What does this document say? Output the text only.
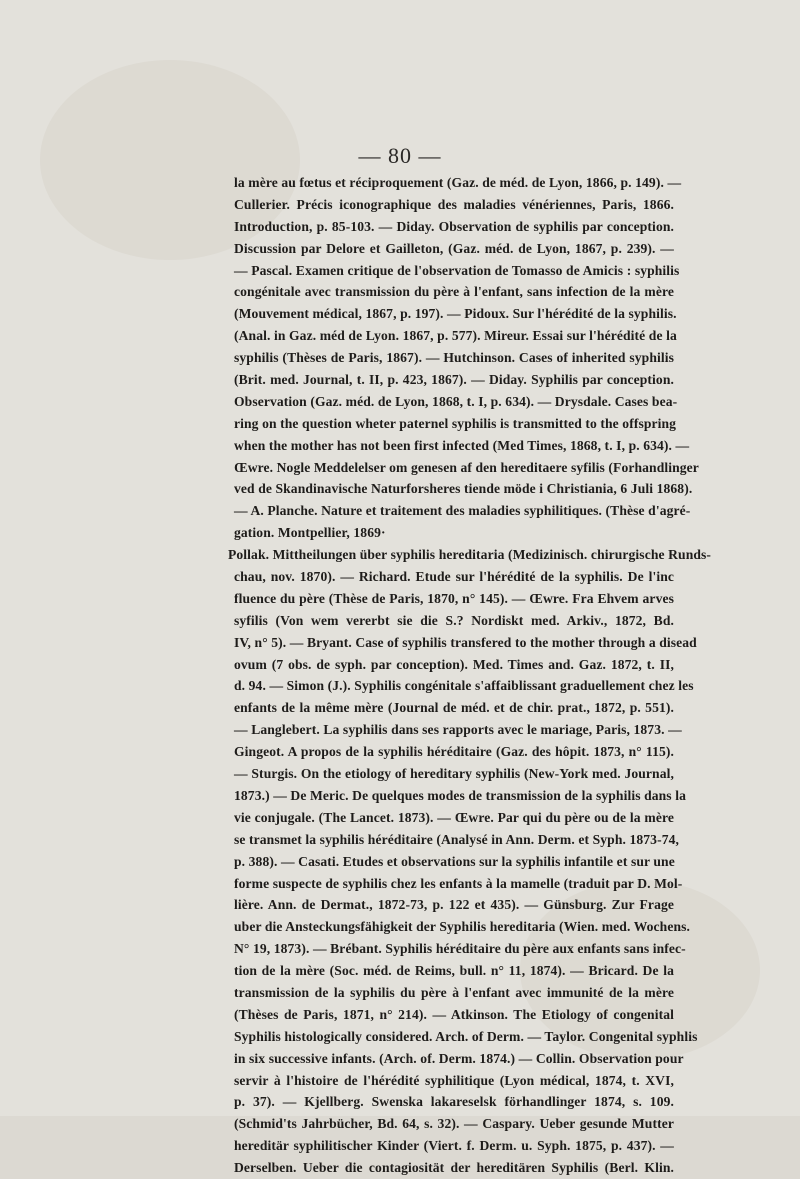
— 80 —
la mère au fœtus et réciproquement (Gaz. de méd. de Lyon, 1866, p. 149). —
Cullerier. Précis iconographique des maladies vénériennes, Paris, 1866.
Introduction, p. 85-103. — Diday. Observation de syphilis par conception.
Discussion par Delore et Gailleton, (Gaz. méd. de Lyon, 1867, p. 239). —
— Pascal. Examen critique de l'observation de Tomasso de Amicis : syphilis
congénitale avec transmission du père à l'enfant, sans infection de la mère
(Mouvement médical, 1867, p. 197). — Pidoux. Sur l'hérédité de la syphilis.
(Anal. in Gaz. méd de Lyon. 1867, p. 577). Mireur. Essai sur l'hérédité de la
syphilis (Thèses de Paris, 1867). — Hutchinson. Cases of inherited syphilis
(Brit. med. Journal, t. II, p. 423, 1867). — Diday. Syphilis par conception.
Observation (Gaz. méd. de Lyon, 1868, t. I, p. 634). — Drysdale. Cases bea-
ring on the question wheter paternel syphilis is transmitted to the offspring
when the mother has not been first infected (Med Times, 1868, t. I, p. 634). —
Œwre. Nogle Meddelelser om genesen af den hereditaere syfilis (Forhandlinger
ved de Skandinavische Naturforsheres tiende möde i Christiania, 6 Juli 1868).
— A. Planche. Nature et traitement des maladies syphilitiques. (Thèse d'agré-
gation. Montpellier, 1869·
Pollak. Mittheilungen über syphilis hereditaria (Medizinisch. chirurgische Runds-
chau, nov. 1870). — Richard. Etude sur l'hérédité de la syphilis. De l'inc
fluence du père (Thèse de Paris, 1870, n° 145). — Œwre. Fra Ehvem arves
syfilis (Von wem vererbt sie die S.? Nordiskt med. Arkiv., 1872, Bd.
IV, n° 5). — Bryant. Case of syphilis transfered to the mother through a disead
ovum (7 obs. de syph. par conception). Med. Times and. Gaz. 1872, t. II,
d. 94. — Simon (J.). Syphilis congénitale s'affaiblissant graduellement chez les
enfants de la même mère (Journal de méd. et de chir. prat., 1872, p. 551).
— Langlebert. La syphilis dans ses rapports avec le mariage, Paris, 1873. —
Gingeot. A propos de la syphilis héréditaire (Gaz. des hôpit. 1873, n° 115).
— Sturgis. On the etiology of hereditary syphilis (New-York med. Journal,
1873.) — De Meric. De quelques modes de transmission de la syphilis dans la
vie conjugale. (The Lancet. 1873). — Œwre. Par qui du père ou de la mère
se transmet la syphilis héréditaire (Analysé in Ann. Derm. et Syph. 1873-74,
p. 388). — Casati. Etudes et observations sur la syphilis infantile et sur une
forme suspecte de syphilis chez les enfants à la mamelle (traduit par D. Mol-
lière. Ann. de Dermat., 1872-73, p. 122 et 435). — Günsburg. Zur Frage
uber die Ansteckungsfähigkeit der Syphilis hereditaria (Wien. med. Wochens.
N° 19, 1873). — Brébant. Syphilis héréditaire du père aux enfants sans infec-
tion de la mère (Soc. méd. de Reims, bull. n° 11, 1874). — Bricard. De la
transmission de la syphilis du père à l'enfant avec immunité de la mère
(Thèses de Paris, 1871, n° 214). — Atkinson. The Etiology of congenital
Syphilis histologically considered. Arch. of Derm. — Taylor. Congenital syphlis
in six successive infants. (Arch. of. Derm. 1874.) — Collin. Observation pour
servir à l'histoire de l'hérédité syphilitique (Lyon médical, 1874, t. XVI,
p. 37). — Kjellberg. Swenska lakareselsk förhandlinger 1874, s. 109.
(Schmid'ts Jahrbücher, Bd. 64, s. 32). — Caspary. Ueber gesunde Mutter
hereditär syphilitischer Kinder (Viert. f. Derm. u. Syph. 1875, p. 437). —
Derselben. Ueber die contagiosität der hereditären Syphilis (Berl. Klin.
